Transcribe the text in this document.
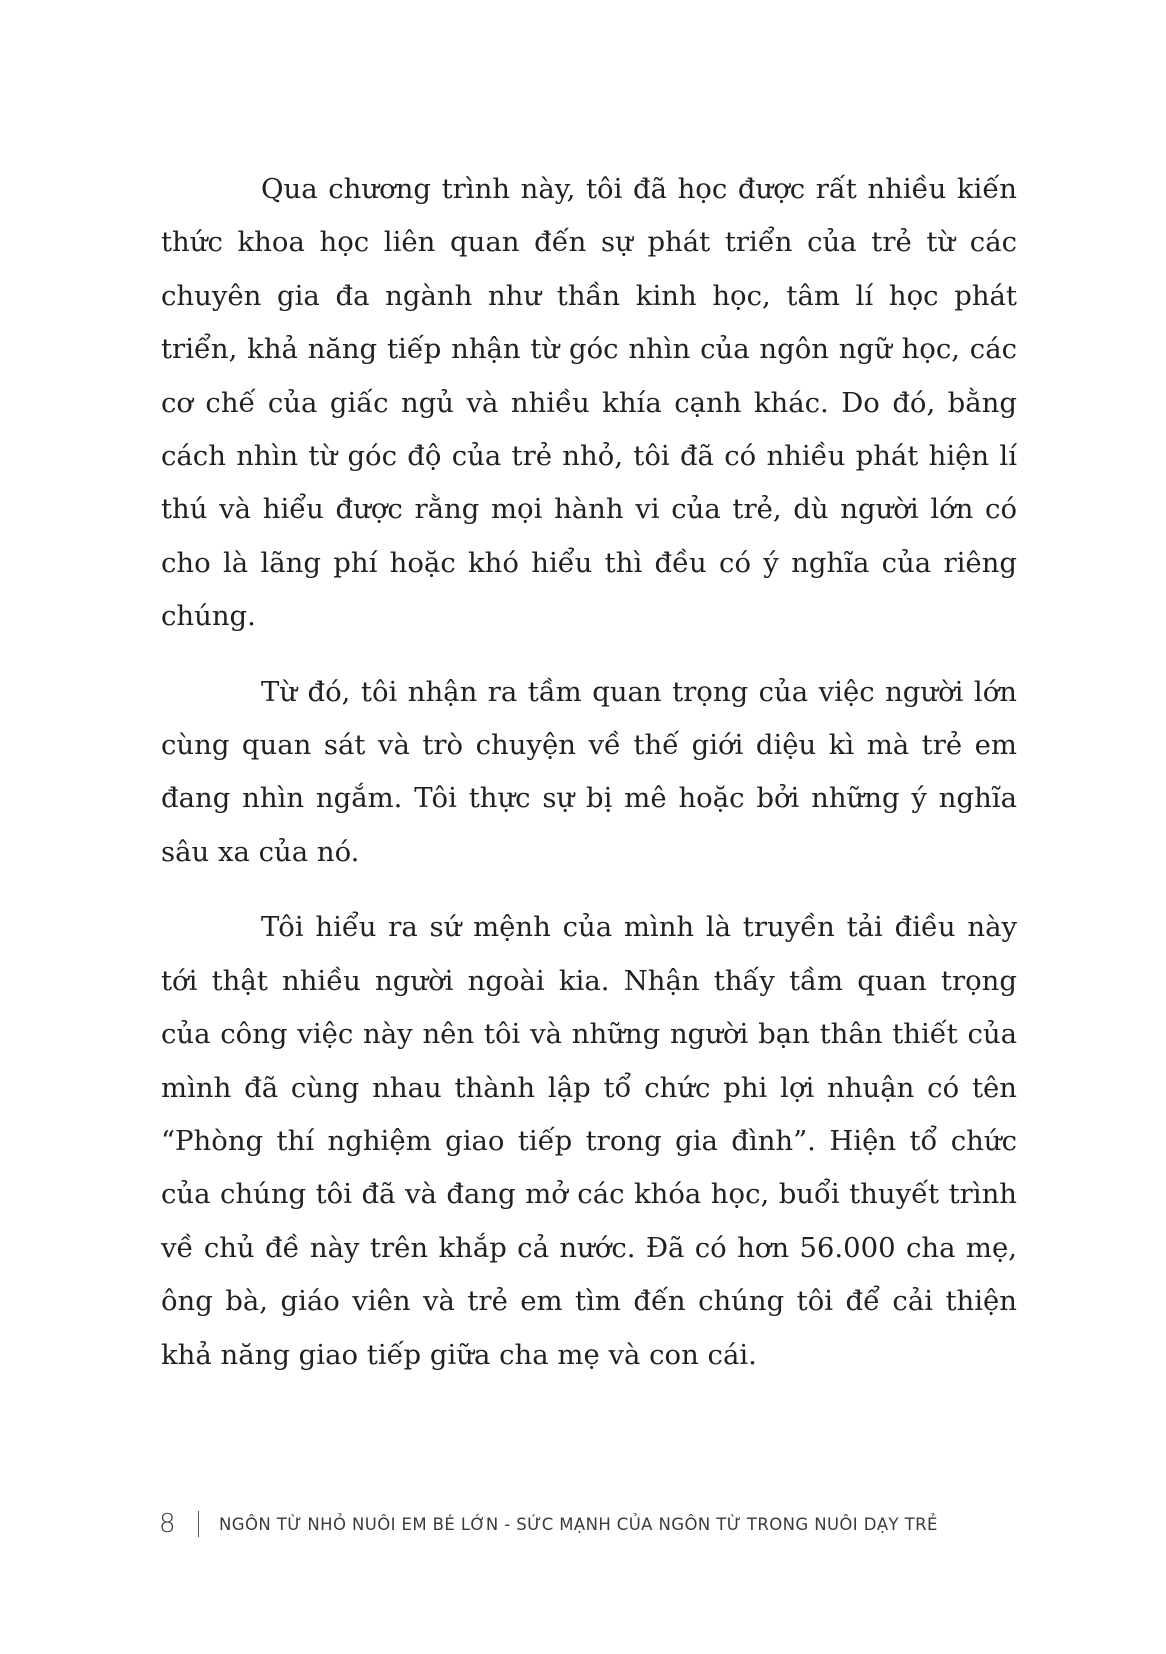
Qua chương trình này, tôi đã học được rất nhiều kiến thức khoa học liên quan đến sự phát triển của trẻ từ các chuyên gia đa ngành như thần kinh học, tâm lí học phát triển, khả năng tiếp nhận từ góc nhìn của ngôn ngữ học, các cơ chế của giấc ngủ và nhiều khía cạnh khác. Do đó, bằng cách nhìn từ góc độ của trẻ nhỏ, tôi đã có nhiều phát hiện lí thú và hiểu được rằng mọi hành vi của trẻ, dù người lớn có cho là lãng phí hoặc khó hiểu thì đều có ý nghĩa của riêng chúng.

Từ đó, tôi nhận ra tầm quan trọng của việc người lớn cùng quan sát và trò chuyện về thế giới diệu kì mà trẻ em đang nhìn ngắm. Tôi thực sự bị mê hoặc bởi những ý nghĩa sâu xa của nó.

Tôi hiểu ra sứ mệnh của mình là truyền tải điều này tới thật nhiều người ngoài kia. Nhận thấy tầm quan trọng của công việc này nên tôi và những người bạn thân thiết của mình đã cùng nhau thành lập tổ chức phi lợi nhuận có tên “Phòng thí nghiệm giao tiếp trong gia đình”. Hiện tổ chức của chúng tôi đã và đang mở các khóa học, buổi thuyết trình về chủ đề này trên khắp cả nước. Đã có hơn 56.000 cha mẹ, ông bà, giáo viên và trẻ em tìm đến chúng tôi để cải thiện khả năng giao tiếp giữa cha mẹ và con cái.

8	NGÔN TỪ NHỎ NUÔI EM BÉ LỚN - SỨC MẠNH CỦA NGÔN TỪ TRONG NUÔI DẠY TRẺ
